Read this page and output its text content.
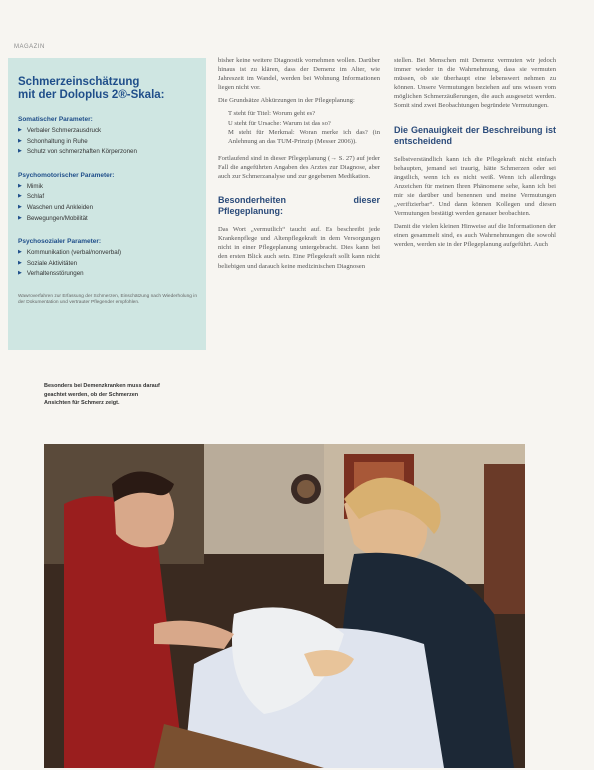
MAGAZIN
Schmerzeinschätzung
mit der Doloplus 2®-Skala:
Somatischer Parameter:
▶ Verbaler Schmerzausdruck
▶ Schonhaltung in Ruhe
▶ Schutz von schmerzhaften Körperzonen
Psychomotorischer Parameter:
▶ Mimik
▶ Schlaf
▶ Waschen und Ankleiden
▶ Bewegungen/Mobilität
Psychosozialer Parameter:
▶ Kommunikation (verbal/nonverbal)
▶ Soziale Aktivitäten
▶ Verhaltensstörungen
Wawroverfahren zur Erfassung der Schmerzen, Einschätzung nach Wiederholung in der Dokumentation und vertrauter Pflegender empfohlen.
Besonders bei Demenzkranken muss darauf geachtet werden, ob der Schmerzen Ansichten für Schmerz zeigt.

bisher keine weitere Diagnostik vornehmen wollen. Darüber hinaus ist zu klären, dass der Demenz im Alter, wie Jahreszeit im Wandel, werden bei Wohnung Informationen liegen nicht vor.

Die Grundsätze Abkürzungen in der Pflegeplanung:

T steht für Titel: Worum geht es?
U steht für Ursache: Warum ist das so?
M steht für Merkmal: Woran merke ich das? (in Anlehnung an das TUM-Prinzip (Messer 2006)).

Fortlaufend sind in dieser Pflegeplanung (→ S. 27) auf jeder Fall die angeführten Angaben des Arztes zur Diagnose, aber auch zur Schmerzanalyse und zur gegebenen Medikation.

Besonderheiten dieser Pflegeplanung:

Das Wort „vermutlich“ taucht auf. Es beschreibt jede Krankenpflege und Altenpflegekraft in dem Versorgungen nicht in einer Pflegeplanung untergebracht. Dies kann bei den ersten Blick auch sein. Eine Pflegekraft sollt kann nicht beliebigen und darauch keine medizinischen Diagnosen

stellen. Bei Menschen mit Demenz vermuten wir jedoch immer wieder in die Wahrnehmung, dass sie vermuten müssen, ob sie überhaupt eine lebenswert nehmen zu können. Unsere Vermutungen beziehen auf uns wissen vom möglichen Schmerzäußerungen, die auch ausgesetzt werden. Somit sind zwei Beobachtungen begründete Vermutungen.

Die Genauigkeit der Beschreibung ist entscheidend

Selbstverständlich kann ich die Pflegekraft nicht einfach behaupten, jemand sei traurig, hätte Schmerzen oder sei ängstlich, wenn ich es nicht weiß. Wenn ich allerdings Anzeichen für meinen Ihren Phänomene sehe, kann ich bei mir sie darüber und benennen und meine Vermutungen „verifizierbar“. Und dann können Kollegen und diesen Vermutungen bestätigt werden genauer beobachten.

Damit die vielen kleinen Hinweise auf die Informationen der einen gesammelt sind, es auch Wahrnehmungen die sowohl werden, werden sie in der Pflegeplanung aufgeführt. Auch
